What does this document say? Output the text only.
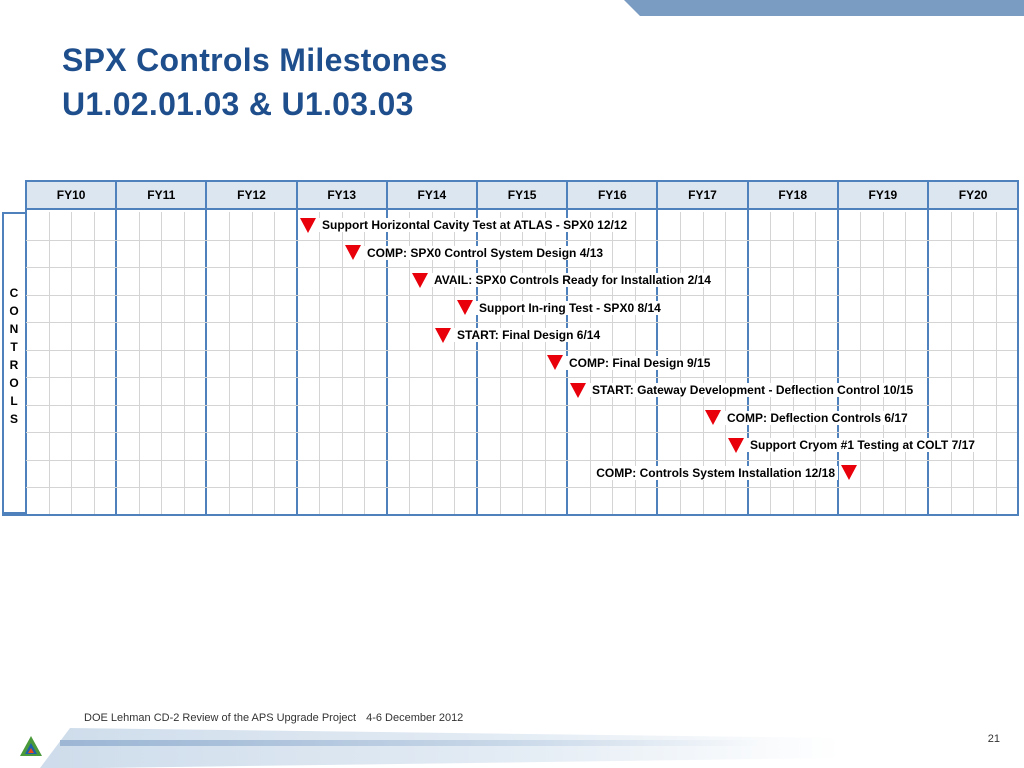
SPX Controls Milestones
U1.02.01.03 & U1.03.03
FY10	FY11	FY12	FY13	FY14	FY15	FY16	FY17	FY18	FY19	FY20
C
O
N
T
R
O
L
S
Support Horizontal Cavity Test at ATLAS - SPX0 12/12
COMP: SPX0 Control System Design 4/13
AVAIL: SPX0 Controls Ready for Installation 2/14
Support In-ring Test - SPX0 8/14
START: Final Design 6/14
COMP: Final Design 9/15
START: Gateway Development - Deflection Control 10/15
COMP: Deflection Controls 6/17
Support Cryom #1 Testing at COLT 7/17
COMP: Controls System Installation 12/18
DOE Lehman CD-2 Review of the APS Upgrade Project 4-6 December 2012
21
